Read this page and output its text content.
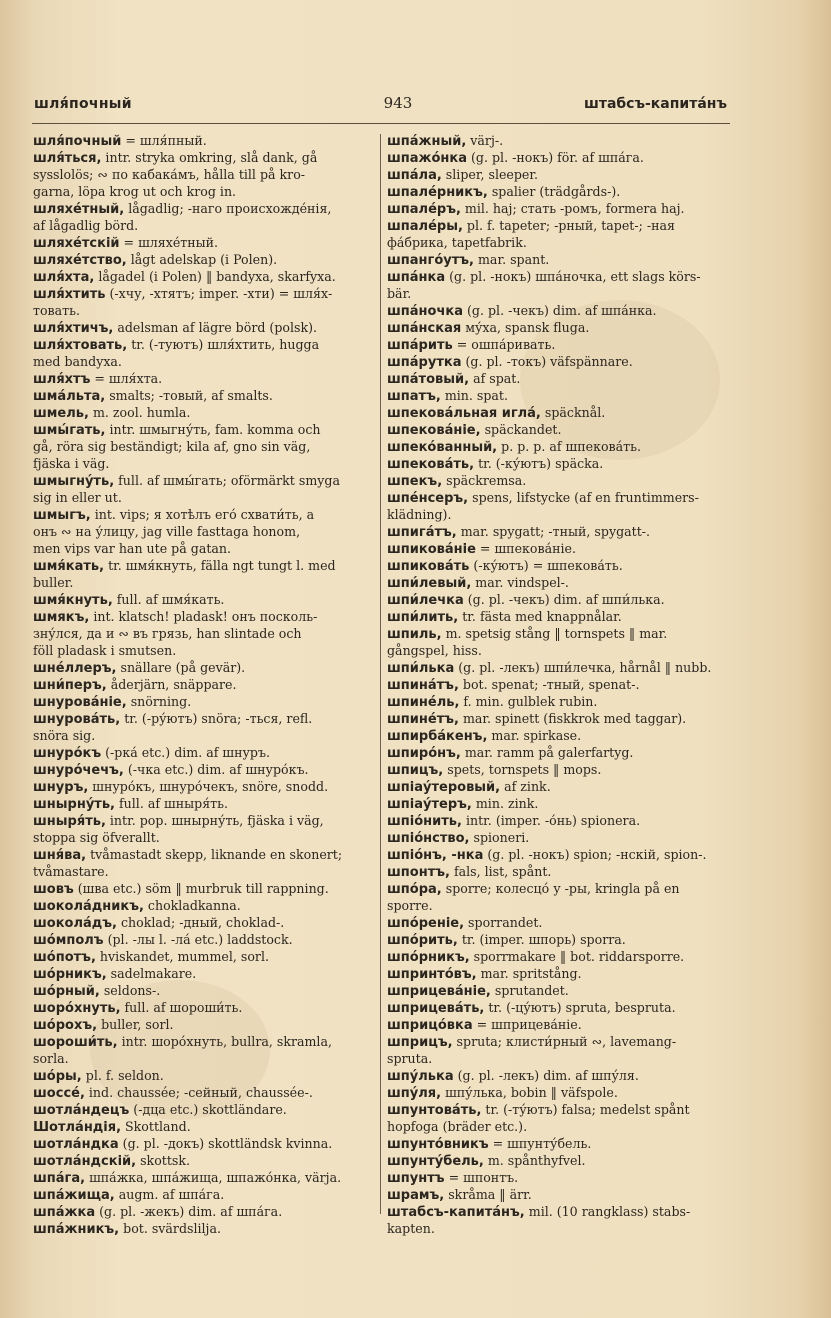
шля́почный	943	штабсъ-капита́нъ
шля́почный = шля́пный.
шля́ться, intr. stryka omkring, slå dank, gå
sysslolös; ∾ по кабака́мъ, hålla till på kro-
garna, löpa krog ut och krog in.
шляхе́тный, lågadlig; -наго происхожде́нія,
af lågadlig börd.
шляхе́тскій = шляхе́тный.
шляхе́тство, lågt adelskap (i Polen).
шля́хта, lågadel (i Polen) ‖ bandyxa, skarfyxa.
шля́хтить (-хчу, -хтятъ; imper. -хти) = шля́х-
товать.
шля́хтичъ, adelsman af lägre börd (polsk).
шля́хтовать, tr. (-туютъ) шля́хтить, hugga
med bandyxa.
шля́хтъ = шля́хта.
шма́льта, smalts; -товый, af smalts.
шмель, m. zool. humla.
шмы́гать, intr. шмыгну́ть, fam. komma och
gå, röra sig beständigt; kila af, gno sin väg,
fjäska i väg.
шмыгну́ть, full. af шмы́гать; oförmärkt smyga
sig in eller ut.
шмыгъ, int. vips; я хотѣлъ его́ схвати́ть, а
онъ ∾ на у́лицу, jag ville fasttaga honom,
men vips var han ute på gatan.
шмя́кать, tr. шмя́кнуть, fälla ngt tungt l. med
buller.
шмя́кнуть, full. af шмя́кать.
шмякъ, int. klatsch! pladask! онъ посколь-
зну́лся, да и ∾ въ грязь, han slintade och
föll pladask i smutsen.
шне́ллеръ, snällare (på gevär).
шни́перъ, åderjärn, snäppare.
шнурова́ніе, snörning.
шнурова́ть, tr. (-ру́ютъ) snöra; -ться, refl.
snöra sig.
шнуро́къ (-рка́ etc.) dim. af шнуръ.
шнуро́чечъ, (-чка etc.) dim. af шнуро́къ.
шнуръ, шнуро́къ, шнуро́чекъ, snöre, snodd.
шнырну́ть, full. af шныря́ть.
шныря́ть, intr. pop. шнырну́ть, fjäska i väg,
stoppa sig öfverallt.
шня́ва, tvåmastadt skepp, liknande en skonert;
tvåmastare.
шовъ (шва etc.) söm ‖ murbruk till rappning.
шокола́дникъ, chokladkanna.
шокола́дъ, choklad; -дный, choklad-.
шо́мполъ (pl. -лы l. -ла́ etc.) laddstock.
шо́потъ, hviskandet, mummel, sorl.
шо́рникъ, sadelmakare.
шо́рный, seldons-.
шоро́хнуть, full. af шороши́ть.
шо́рохъ, buller, sorl.
шороши́ть, intr. шоро́хнуть, bullra, skramla,
sorla.
шо́ры, pl. f. seldon.
шоссе́, ind. chaussée; -сейный, chaussée-.
шотла́ндецъ (-дца etc.) skottländare.
Шотла́ндія, Skottland.
шотла́ндка (g. pl. -докъ) skottländsk kvinna.
шотла́ндскій, skottsk.
шпа́га, шпа́жка, шпа́жища, шпажо́нка, värja.
шпа́жища, augm. af шпа́га.
шпа́жка (g. pl. -жекъ) dim. af шпа́га.
шпа́жникъ, bot. svärdslilja.
шпа́жный, värj-.
шпажо́нка (g. pl. -нокъ) för. af шпа́га.
шпа́ла, sliper, sleeper.
шпале́рникъ, spalier (trädgårds-).
шпале́ръ, mil. haj; стать -ромъ, formera haj.
шпале́ры, pl. f. tapeter; -рный, tapet-; -ная
фа́брика, tapetfabrik.
шпанго́утъ, mar. spant.
шпа́нка (g. pl. -нокъ) шпа́ночка, ett slags körs-
bär.
шпа́ночка (g. pl. -чекъ) dim. af шпа́нка.
шпа́нская му́ха, spansk fluga.
шпа́рить = ошпа́ривать.
шпа́рутка (g. pl. -токъ) väfspännare.
шпа́товый, af spat.
шпатъ, min. spat.
шпекова́льная игла́, späcknål.
шпекова́ніе, späckandet.
шпеко́ванный, p. p. p. af шпекова́ть.
шпекова́ть, tr. (-ку́ютъ) späcka.
шпекъ, späckremsa.
шпе́нсеръ, spens, lifstycke (af en fruntimmers-
klädning).
шпига́тъ, mar. spygatt; -тный, spygatt-.
шпикова́ніе = шпекова́ніе.
шпикова́ть (-ку́ютъ) = шпекова́ть.
шпи́левый, mar. vindspel-.
шпи́лечка (g. pl. -чекъ) dim. af шпи́лька.
шпи́лить, tr. fästa med knappnålar.
шпиль, m. spetsig stång ‖ tornspets ‖ mar.
gångspel, hiss.
шпи́лька (g. pl. -лекъ) шпи́лечка, hårnål ‖ nubb.
шпина́тъ, bot. spenat; -тный, spenat-.
шпине́ль, f. min. gulblek rubin.
шпине́тъ, mar. spinett (fiskkrok med taggar).
шпирба́кенъ, mar. spirkase.
шпиро́нъ, mar. ramm på galerfartyg.
шпицъ, spets, tornspets ‖ mops.
шпіау́теровый, af zink.
шпіау́теръ, min. zink.
шпіо́нить, intr. (imper. -о́нь) spionera.
шпіо́нство, spioneri.
шпіо́нъ, -нка (g. pl. -нокъ) spion; -нскій, spion-.
шпонтъ, fals, list, spånt.
шпо́ра, sporre; колесцо́ у -ры, kringla på en
sporre.
шпо́реніе, sporrandet.
шпо́рить, tr. (imper. шпорь) sporra.
шпо́рникъ, sporrmakare ‖ bot. riddarsporre.
шпринто́въ, mar. spritstång.
шприцева́ніе, sprutandet.
шприцева́ть, tr. (-цу́ютъ) spruta, bespruta.
шприцо́вка = шприцева́ніе.
шприцъ, spruta; клисти́рный ∾, lavemang-
spruta.
шпу́лька (g. pl. -лекъ) dim. af шпу́ля.
шпу́ля, шпу́лька, bobin ‖ väfspole.
шпунтова́ть, tr. (-ту́ютъ) falsa; medelst spånt
hopfoga (bräder etc.).
шпунто́вникъ = шпунту́бель.
шпунту́бель, m. spånthyfvel.
шпунтъ = шпонтъ.
шрамъ, skråma ‖ ärr.
штабсъ-капита́нъ, mil. (10 rangklass) stabs-
kapten.
